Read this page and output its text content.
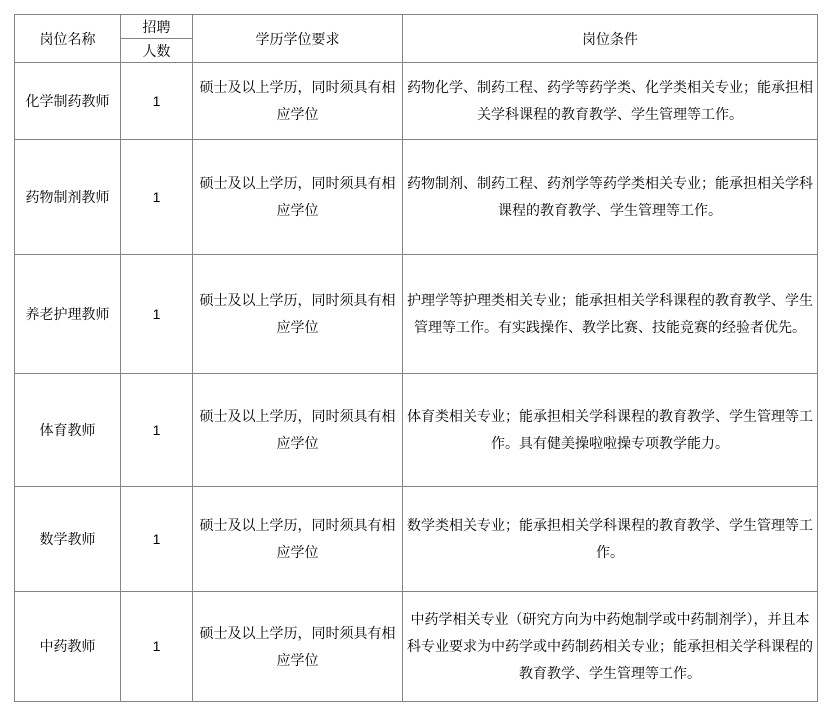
岗位名称	招聘	学历学位要求	岗位条件
	人数		
化学制药教师	1	硕士及以上学历，同时须具有相应学位	药物化学、制药工程、药学等药学类、化学类相关专业；能承担相关学科课程的教育教学、学生管理等工作。
药物制剂教师	1	硕士及以上学历，同时须具有相应学位	药物制剂、制药工程、药剂学等药学类相关专业；能承担相关学科课程的教育教学、学生管理等工作。
养老护理教师	1	硕士及以上学历，同时须具有相应学位	护理学等护理类相关专业；能承担相关学科课程的教育教学、学生管理等工作。有实践操作、教学比赛、技能竞赛的经验者优先。
体育教师	1	硕士及以上学历，同时须具有相应学位	体育类相关专业；能承担相关学科课程的教育教学、学生管理等工作。具有健美操啦啦操专项教学能力。
数学教师	1	硕士及以上学历，同时须具有相应学位	数学类相关专业；能承担相关学科课程的教育教学、学生管理等工作。
中药教师	1	硕士及以上学历，同时须具有相应学位	中药学相关专业（研究方向为中药炮制学或中药制剂学），并且本科专业要求为中药学或中药制药相关专业；能承担相关学科课程的教育教学、学生管理等工作。
